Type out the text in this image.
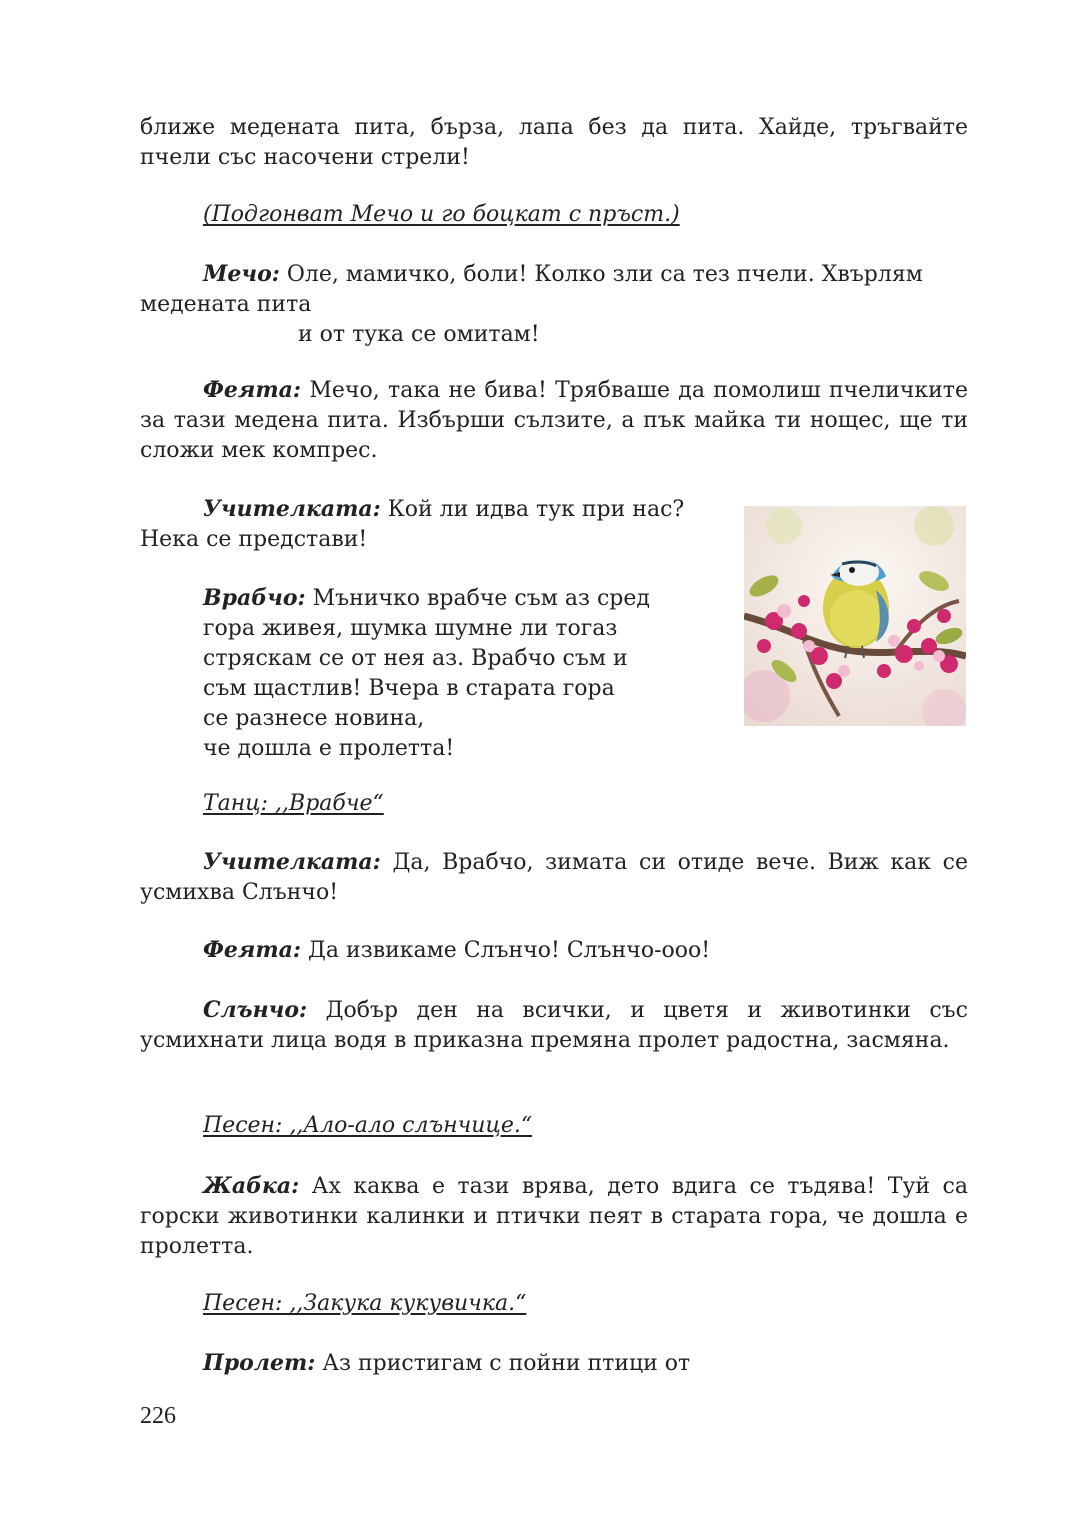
ближе медената пита, бърза, лапа без да пита. Хайде, тръгвайте пчели със насочени стрели!

(Подгонват Мечо и го боцкат с пръст.)

Мечо: Оле, мамичко, боли! Колко зли са тез пчели. Хвърлям
медената пита
и от тука се омитам!

Феята: Мечо, така не бива! Трябваше да помолиш пчеличките за тази медена пита. Избърши сълзите, а пък майка ти нощес, ще ти сложи мек компрес.

Учителката: Кой ли идва тук при нас?
Нека се представи!

Врабчо: Мъничко врабче съм аз сред
гора живея, шумка шумне ли тогаз
стряскам се от нея аз. Врабчо съм и
съм щастлив! Вчера в старата гора
се разнесе новина,
че дошла е пролетта!

Танц: ,,Врабче“

Учителката: Да, Врабчо, зимата си отиде вече. Виж как се усмихва Слънчо!

Феята: Да извикаме Слънчо! Слънчо-ооо!

Слънчо: Добър ден на всички, и цветя и животинки със усмихнати лица водя в приказна премяна пролет радостна, засмяна.

Песен: ,,Ало-ало слънчице.“

Жабка: Ах каква е тази врява, дето вдига се тъдява! Туй са горски животинки калинки и птички пеят в старата гора, че дошла е пролетта.

Песен: ,,Закука кукувичка.“

Пролет: Аз пристигам с пойни птици от

226
